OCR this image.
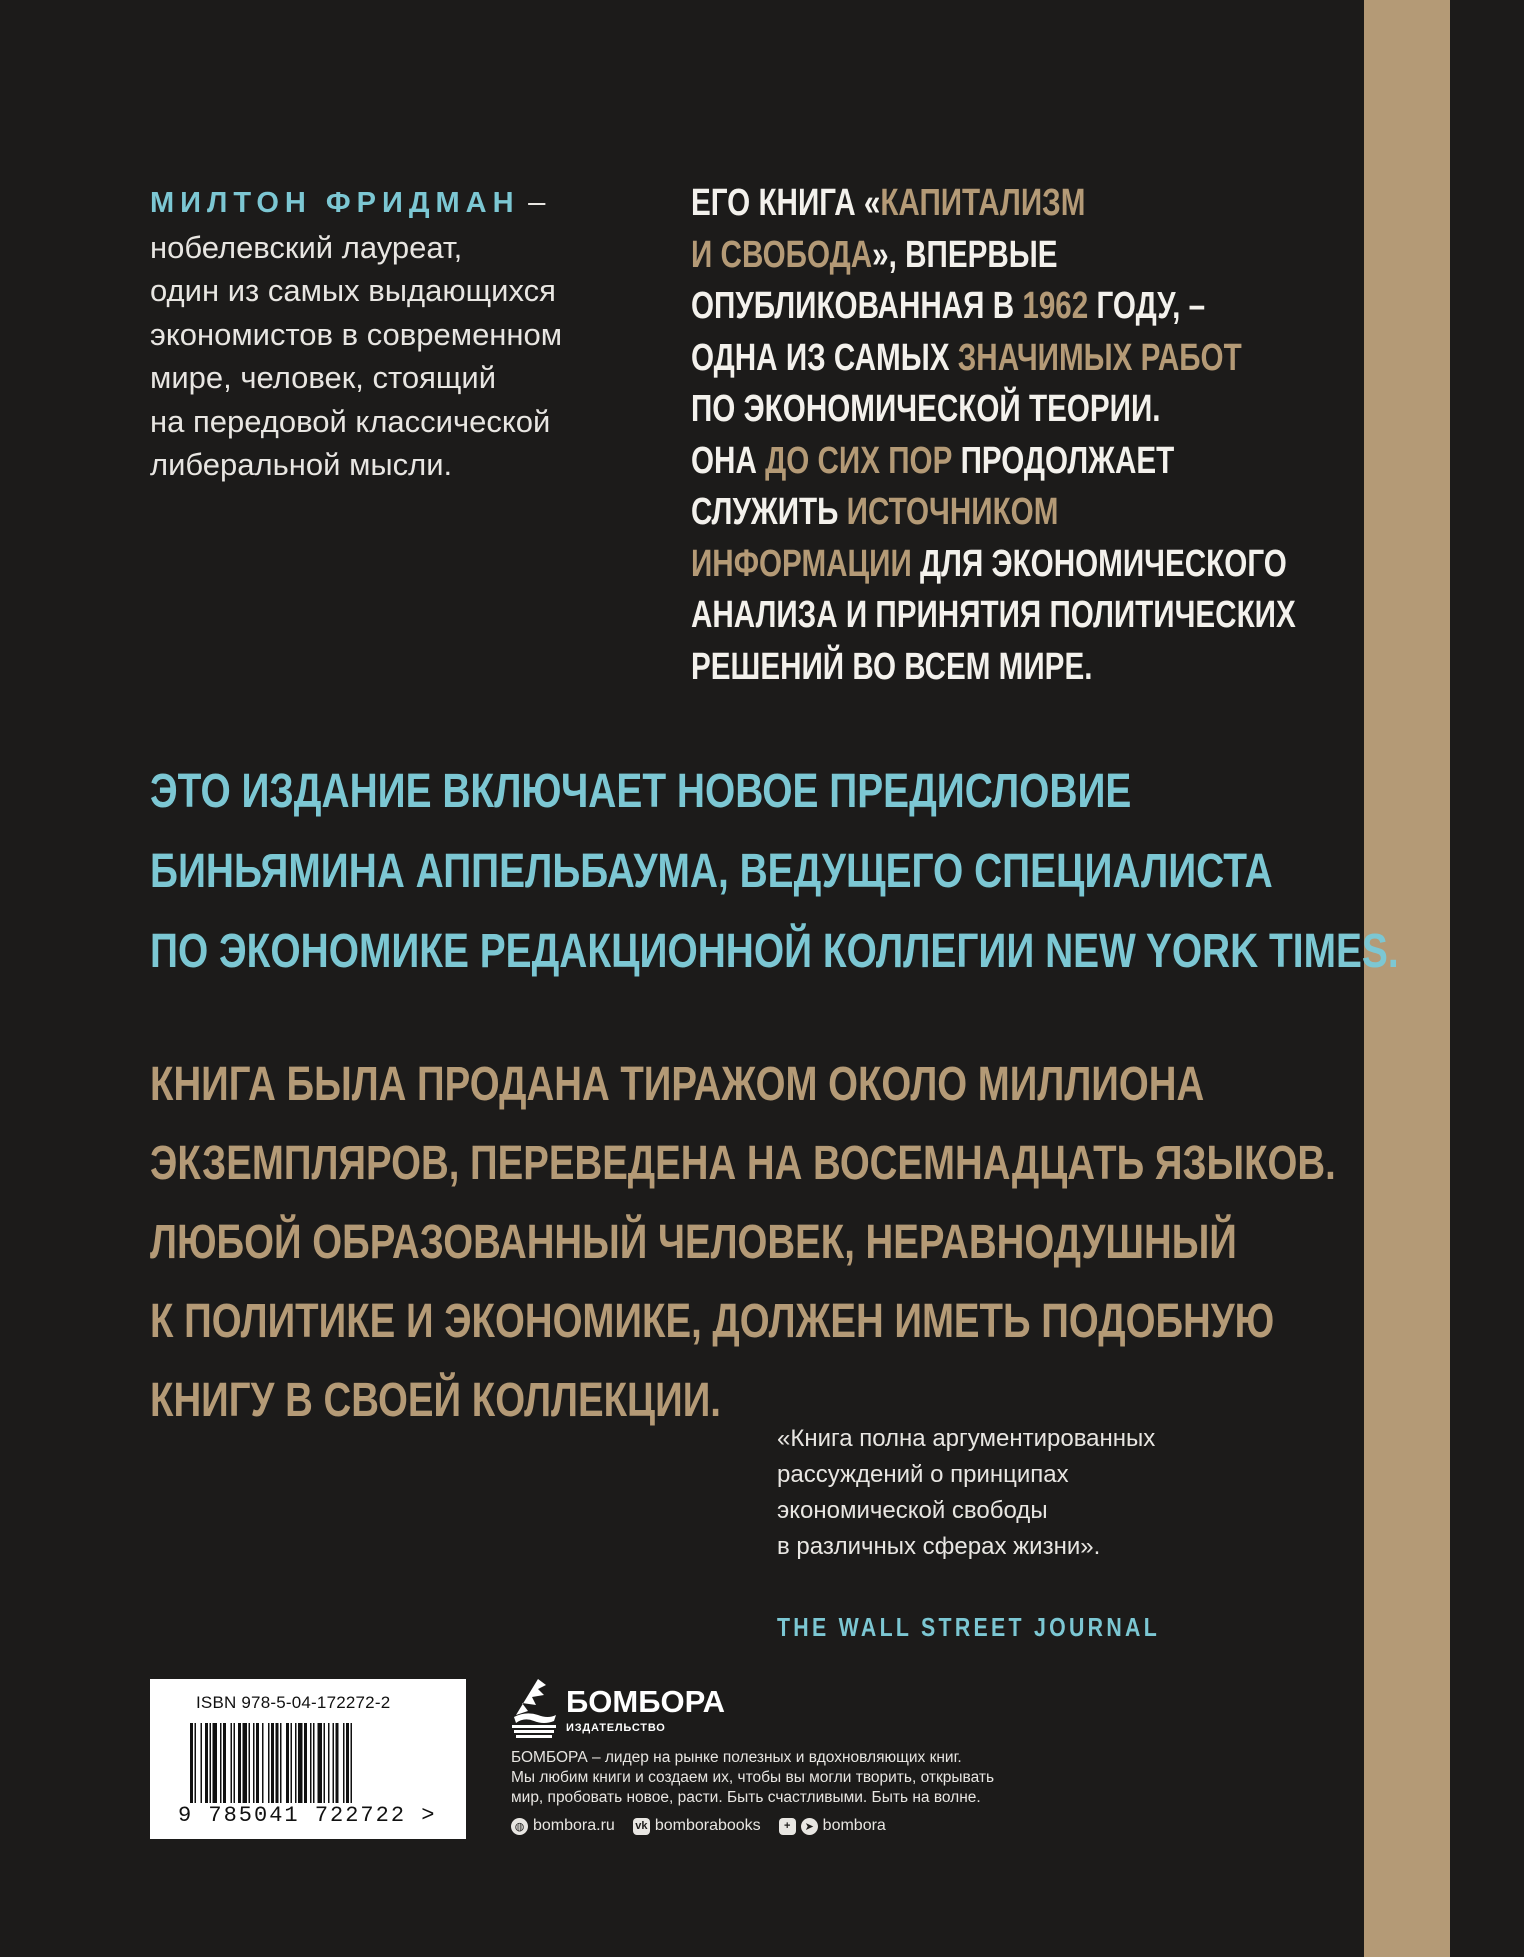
МИЛТОН ФРИДМАН –
нобелевский лауреат,
один из самых выдающихся
экономистов в современном
мире, человек, стоящий
на передовой классической
либеральной мысли.
ЕГО КНИГА «КАПИТАЛИЗМ
И СВОБОДА», ВПЕРВЫЕ
ОПУБЛИКОВАННАЯ В 1962 ГОДУ, –
ОДНА ИЗ САМЫХ ЗНАЧИМЫХ РАБОТ
ПО ЭКОНОМИЧЕСКОЙ ТЕОРИИ.
ОНА ДО СИХ ПОР ПРОДОЛЖАЕТ
СЛУЖИТЬ ИСТОЧНИКОМ
ИНФОРМАЦИИ ДЛЯ ЭКОНОМИЧЕСКОГО
АНАЛИЗА И ПРИНЯТИЯ ПОЛИТИЧЕСКИХ
РЕШЕНИЙ ВО ВСЕМ МИРЕ.
ЭТО ИЗДАНИЕ ВКЛЮЧАЕТ НОВОЕ ПРЕДИСЛОВИЕ
БИНЬЯМИНА АППЕЛЬБАУМА, ВЕДУЩЕГО СПЕЦИАЛИСТА
ПО ЭКОНОМИКЕ РЕДАКЦИОННОЙ КОЛЛЕГИИ NEW YORK TIMES.
КНИГА БЫЛА ПРОДАНА ТИРАЖОМ ОКОЛО МИЛЛИОНА
ЭКЗЕМПЛЯРОВ, ПЕРЕВЕДЕНА НА ВОСЕМНАДЦАТЬ ЯЗЫКОВ.
ЛЮБОЙ ОБРАЗОВАННЫЙ ЧЕЛОВЕК, НЕРАВНОДУШНЫЙ
К ПОЛИТИКЕ И ЭКОНОМИКЕ, ДОЛЖЕН ИМЕТЬ ПОДОБНУЮ
КНИГУ В СВОЕЙ КОЛЛЕКЦИИ.
«Книга полна аргументированных
рассуждений о принципах
экономической свободы
в различных сферах жизни».
THE WALL STREET JOURNAL
ISBN 978-5-04-172272-2
9 785041 722722 >
БОМБОРА
ИЗДАТЕЛЬСТВО
БОМБОРА – лидер на рынке полезных и вдохновляющих книг.
Мы любим книги и создаем их, чтобы вы могли творить, открывать
мир, пробовать новое, расти. Быть счастливыми. Быть на волне.
◍ bombora.ru vk bomborabooks	+	➤ bombora
